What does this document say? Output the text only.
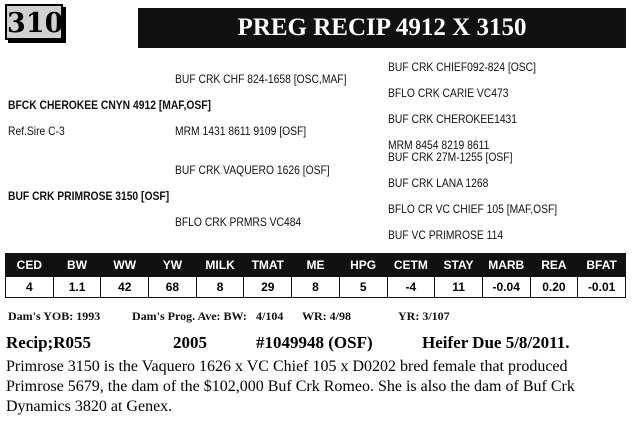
310	PREG RECIP 4912 X 3150
BUF CRK CHF 824-1658 [OSC,MAF]
BFCK CHEROKEE CNYN 4912 [MAF,OSF]
Ref.Sire C-3	MRM 1431 8611 9109 [OSF]
BUF CRK VAQUERO 1626 [OSF]
BUF CRK PRIMROSE 3150 [OSF]
BFLO CRK PRMRS VC484
BUF CRK CHIEF092-824 [OSC]
BFLO CRK CARIE VC473
BUF CRK CHEROKEE1431
MRM 8454 8219 8611
BUF CRK 27M-1255 [OSF]
BUF CRK LANA 1268
BFLO CR VC CHIEF 105 [MAF,OSF]
BUF VC PRIMROSE 114
CED	BW	WW	YW	MILK	TMAT	ME	HPG	CETM	STAY	MARB	REA	BFAT
4	1.1	42	68	8	29	8	5	-4	11	-0.04	0.20	-0.01
Dam's YOB: 1993	Dam's Prog. Ave: BW: 4/104 WR: 4/98	YR: 3/107
Recip;R055	2005	#1049948 (OSF)	Heifer Due 5/8/2011.
Primrose 3150 is the Vaquero 1626 x VC Chief 105 x D0202 bred female that produced Primrose 5679, the dam of the $102,000 Buf Crk Romeo. She is also the dam of Buf Crk Dynamics 3820 at Genex.
